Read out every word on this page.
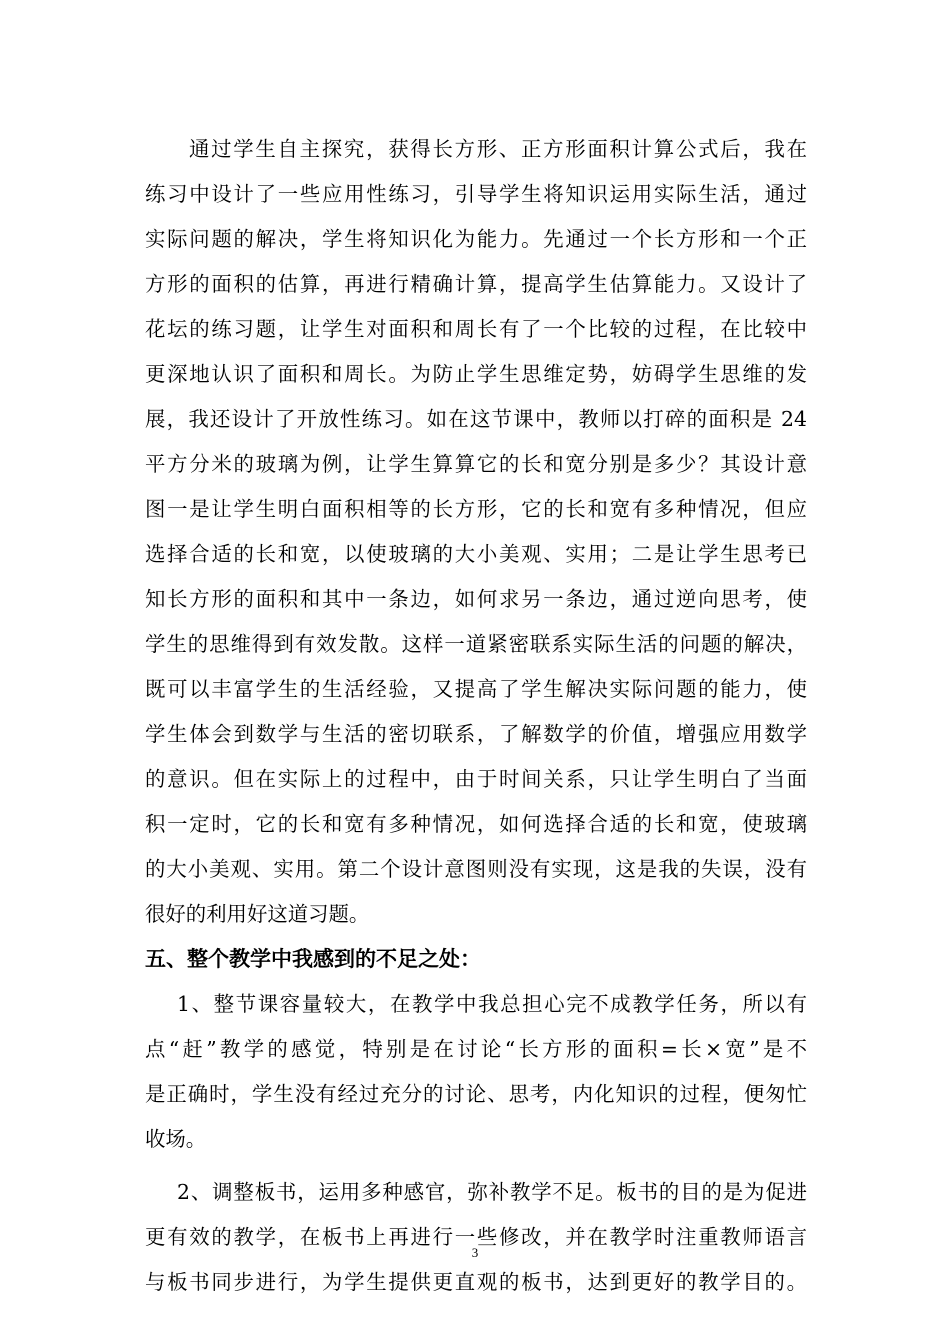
通过学生自主探究，获得长方形、正方形面积计算公式后，我在
练习中设计了一些应用性练习，引导学生将知识运用实际生活，通过
实际问题的解决，学生将知识化为能力。先通过一个长方形和一个正
方形的面积的估算，再进行精确计算，提高学生估算能力。又设计了
花坛的练习题，让学生对面积和周长有了一个比较的过程，在比较中
更深地认识了面积和周长。为防止学生思维定势，妨碍学生思维的发
展，我还设计了开放性练习。如在这节课中，教师以打碎的面积是 24
平方分米的玻璃为例，让学生算算它的长和宽分别是多少？其设计意
图一是让学生明白面积相等的长方形，它的长和宽有多种情况，但应
选择合适的长和宽，以使玻璃的大小美观、实用；二是让学生思考已
知长方形的面积和其中一条边，如何求另一条边，通过逆向思考，使
学生的思维得到有效发散。这样一道紧密联系实际生活的问题的解决，
既可以丰富学生的生活经验，又提高了学生解决实际问题的能力，使
学生体会到数学与生活的密切联系，了解数学的价值，增强应用数学
的意识。但在实际上的过程中，由于时间关系，只让学生明白了当面
积一定时，它的长和宽有多种情况，如何选择合适的长和宽，使玻璃
的大小美观、实用。第二个设计意图则没有实现，这是我的失误，没有
很好的利用好这道习题。
五、整个教学中我感到的不足之处：
1、整节课容量较大，在教学中我总担心完不成教学任务，所以有
点“赶”教学的感觉，特别是在讨论“长方形的面积=长×宽”是不
是正确时，学生没有经过充分的讨论、思考，内化知识的过程，便匆忙
收场。
2、调整板书，运用多种感官，弥补教学不足。板书的目的是为促进
更有效的教学，在板书上再进行一些修改，并在教学时注重教师语言
与板书同步进行，为学生提供更直观的板书，达到更好的教学目的。
3
